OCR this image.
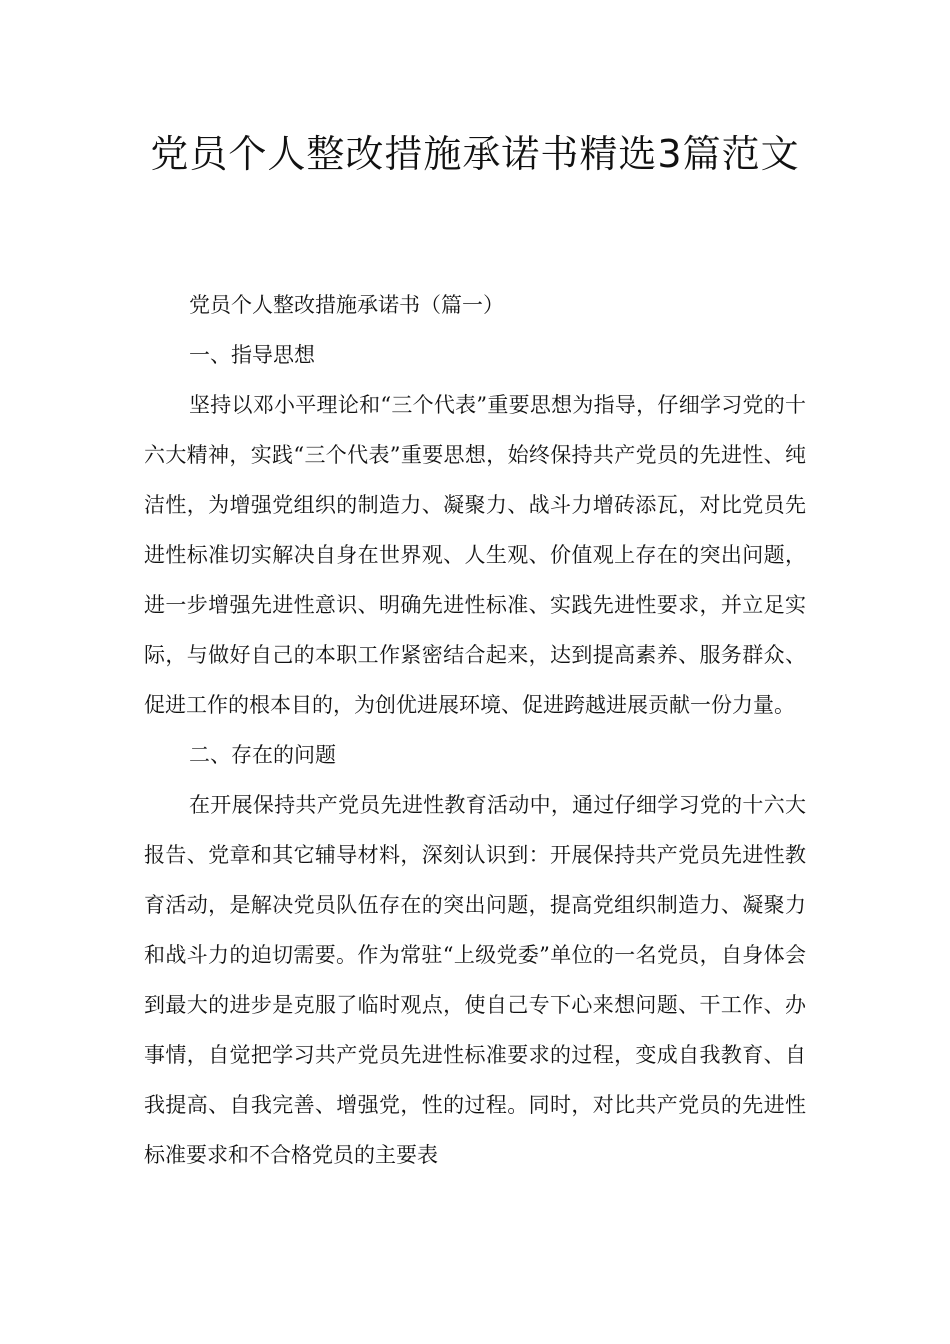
党员个人整改措施承诺书精选3篇范文

党员个人整改措施承诺书（篇一）

一、指导思想

坚持以邓小平理论和“三个代表”重要思想为指导，仔细学习党的十六大精神，实践“三个代表”重要思想，始终保持共产党员的先进性、纯洁性，为增强党组织的制造力、凝聚力、战斗力增砖添瓦，对比党员先进性标准切实解决自身在世界观、人生观、价值观上存在的突出问题，进一步增强先进性意识、明确先进性标准、实践先进性要求，并立足实际，与做好自己的本职工作紧密结合起来，达到提高素养、服务群众、促进工作的根本目的，为创优进展环境、促进跨越进展贡献一份力量。

二、存在的问题

在开展保持共产党员先进性教育活动中，通过仔细学习党的十六大报告、党章和其它辅导材料，深刻认识到：开展保持共产党员先进性教育活动，是解决党员队伍存在的突出问题，提高党组织制造力、凝聚力和战斗力的迫切需要。作为常驻“上级党委”单位的一名党员，自身体会到最大的进步是克服了临时观点，使自己专下心来想问题、干工作、办事情，自觉把学习共产党员先进性标准要求的过程，变成自我教育、自我提高、自我完善、增强党，性的过程。同时，对比共产党员的先进性标准要求和不合格党员的主要表
